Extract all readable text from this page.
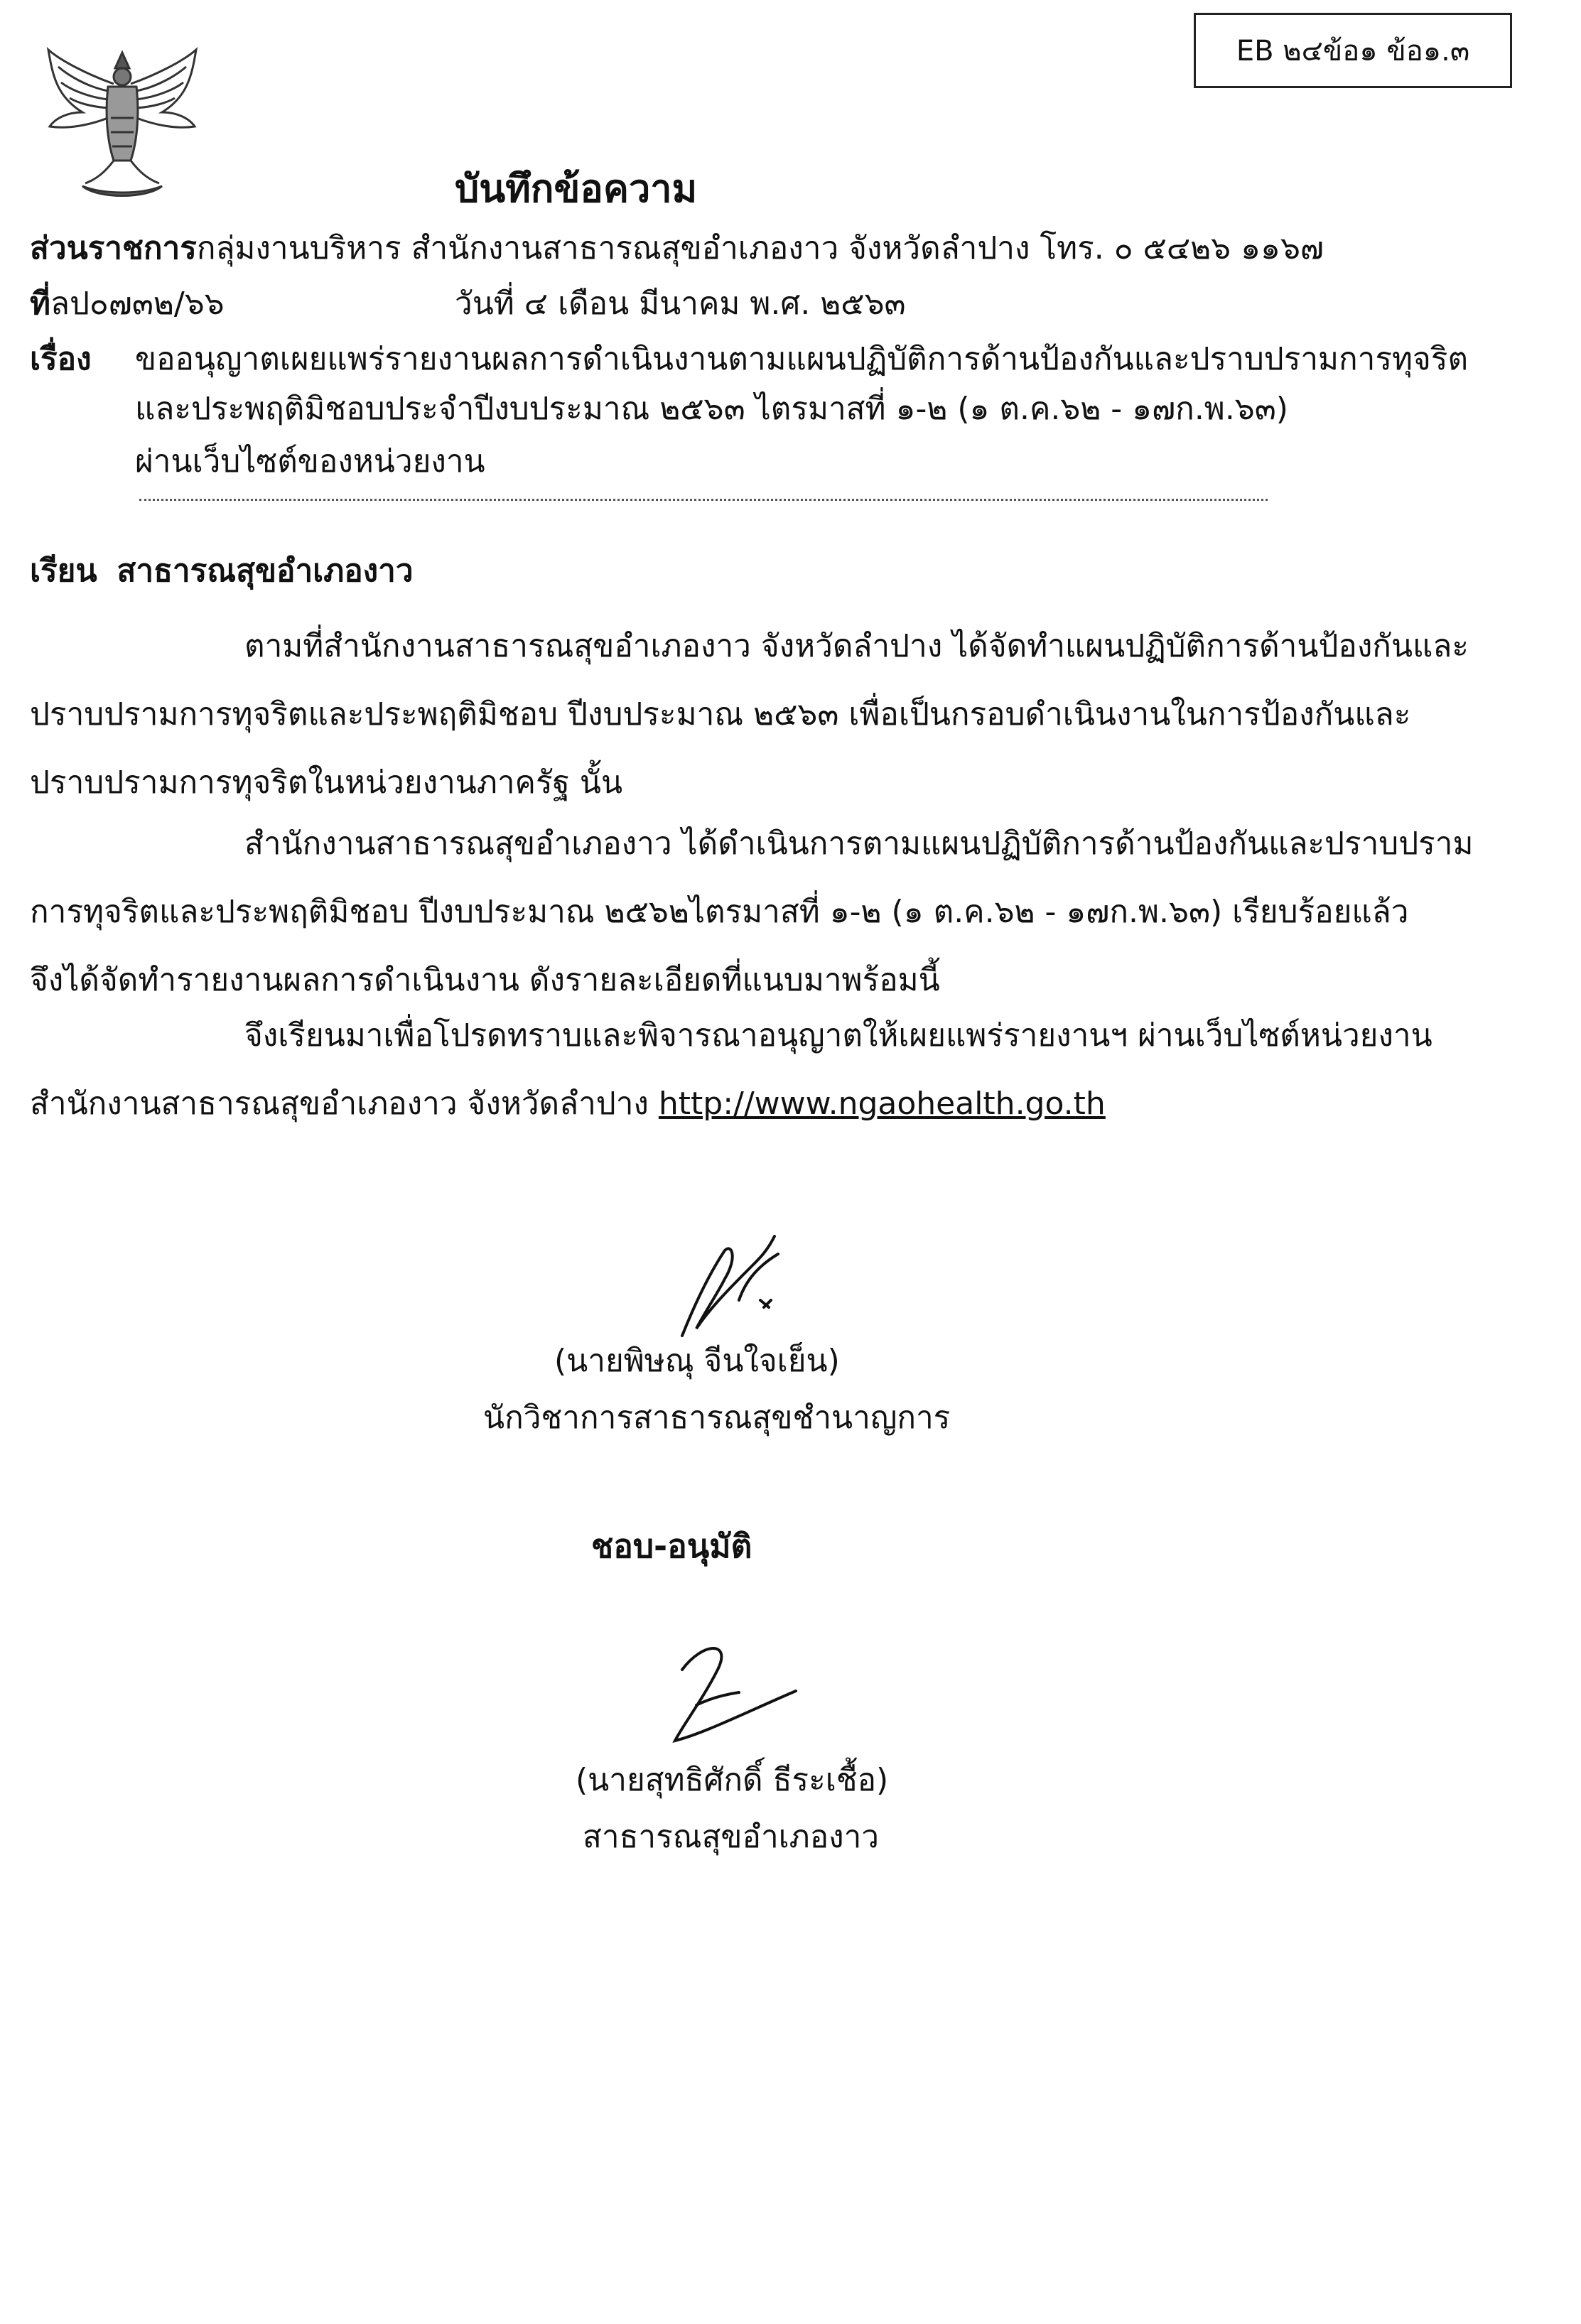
EB ๒๔ข้อ๑ ข้อ๑.๓
บันทึกข้อความ
ส่วนราชการกลุ่มงานบริหาร สำนักงานสาธารณสุขอำเภองาว จังหวัดลำปาง โทร. ๐ ๕๔๒๖ ๑๑๖๗
ที่ลป๐๗๓๒/๖๖	วันที่ ๔ เดือน มีนาคม พ.ศ. ๒๕๖๓
เรื่อง ขออนุญาตเผยแพร่รายงานผลการดำเนินงานตามแผนปฏิบัติการด้านป้องกันและปราบปรามการทุจริต
และประพฤติมิชอบประจำปีงบประมาณ ๒๕๖๓ ไตรมาสที่ ๑-๒ (๑ ต.ค.๖๒ - ๑๗ก.พ.๖๓)
ผ่านเว็บไซต์ของหน่วยงาน
เรียน สาธารณสุขอำเภองาว
ตามที่สำนักงานสาธารณสุขอำเภองาว จังหวัดลำปาง ได้จัดทำแผนปฏิบัติการด้านป้องกันและ
ปราบปรามการทุจริตและประพฤติมิชอบ ปีงบประมาณ ๒๕๖๓ เพื่อเป็นกรอบดำเนินงานในการป้องกันและ
ปราบปรามการทุจริตในหน่วยงานภาครัฐ นั้น
สำนักงานสาธารณสุขอำเภองาว ได้ดำเนินการตามแผนปฏิบัติการด้านป้องกันและปราบปราม
การทุจริตและประพฤติมิชอบ ปีงบประมาณ ๒๕๖๒ไตรมาสที่ ๑-๒ (๑ ต.ค.๖๒ - ๑๗ก.พ.๖๓) เรียบร้อยแล้ว
จึงได้จัดทำรายงานผลการดำเนินงาน ดังรายละเอียดที่แนบมาพร้อมนี้
จึงเรียนมาเพื่อโปรดทราบและพิจารณาอนุญาตให้เผยแพร่รายงานฯ ผ่านเว็บไซต์หน่วยงาน
สำนักงานสาธารณสุขอำเภองาว จังหวัดลำปาง http://www.ngaohealth.go.th
(นายพิษณุ จีนใจเย็น)
นักวิชาการสาธารณสุขชำนาญการ
ชอบ-อนุมัติ
(นายสุทธิศักดิ์ ธีระเชื้อ)
สาธารณสุขอำเภองาว
